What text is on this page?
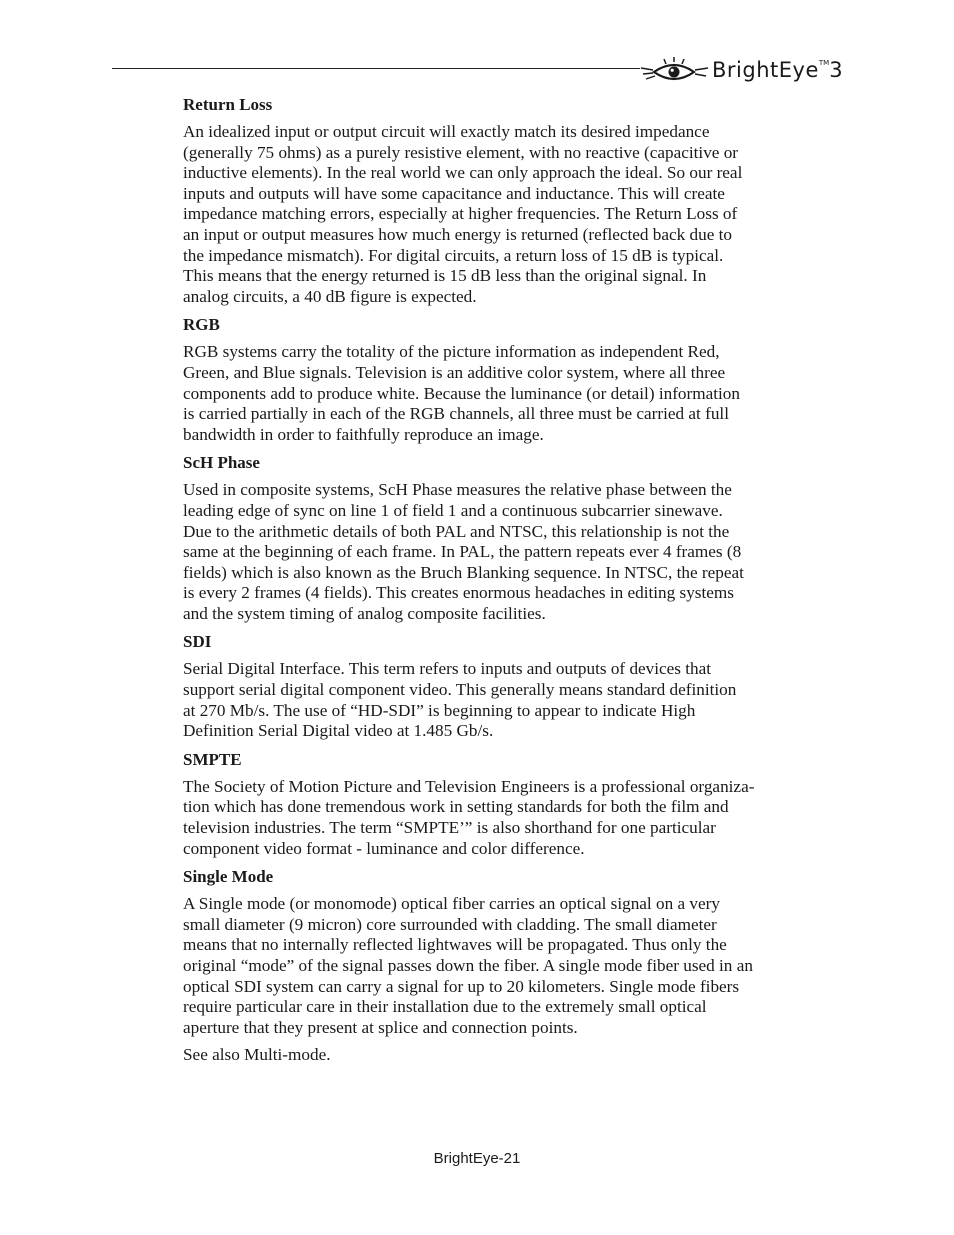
BrightEye™3
Return Loss

An idealized input or output circuit will exactly match its desired impedance
(generally 75 ohms) as a purely resistive element, with no reactive (capacitive or
inductive elements). In the real world we can only approach the ideal. So our real
inputs and outputs will have some capacitance and inductance. This will create
impedance matching errors, especially at higher frequencies. The Return Loss of
an input or output measures how much energy is returned (reflected back due to
the impedance mismatch). For digital circuits, a return loss of 15 dB is typical.
This means that the energy returned is 15 dB less than the original signal. In
analog circuits, a 40 dB figure is expected.

RGB

RGB systems carry the totality of the picture information as independent Red,
Green, and Blue signals. Television is an additive color system, where all three
components add to produce white. Because the luminance (or detail) information
is carried partially in each of the RGB channels, all three must be carried at full
bandwidth in order to faithfully reproduce an image.

ScH Phase

Used in composite systems, ScH Phase measures the relative phase between the
leading edge of sync on line 1 of field 1 and a continuous subcarrier sinewave.
Due to the arithmetic details of both PAL and NTSC, this relationship is not the
same at the beginning of each frame. In PAL, the pattern repeats ever 4 frames (8
fields) which is also known as the Bruch Blanking sequence. In NTSC, the repeat
is every 2 frames (4 fields). This creates enormous headaches in editing systems
and the system timing of analog composite facilities.

SDI

Serial Digital Interface. This term refers to inputs and outputs of devices that
support serial digital component video. This generally means standard definition
at 270 Mb/s. The use of “HD-SDI” is beginning to appear to indicate High
Definition Serial Digital video at 1.485 Gb/s.

SMPTE

The Society of Motion Picture and Television Engineers is a professional organiza-
tion which has done tremendous work in setting standards for both the film and
television industries. The term “SMPTE’” is also shorthand for one particular
component video format - luminance and color difference.

Single Mode

A Single mode (or monomode) optical fiber carries an optical signal on a very
small diameter (9 micron) core surrounded with cladding. The small diameter
means that no internally reflected lightwaves will be propagated. Thus only the
original “mode” of the signal passes down the fiber. A single mode fiber used in an
optical SDI system can carry a signal for up to 20 kilometers. Single mode fibers
require particular care in their installation due to the extremely small optical
aperture that they present at splice and connection points.

See also Multi-mode.

BrightEye-21
